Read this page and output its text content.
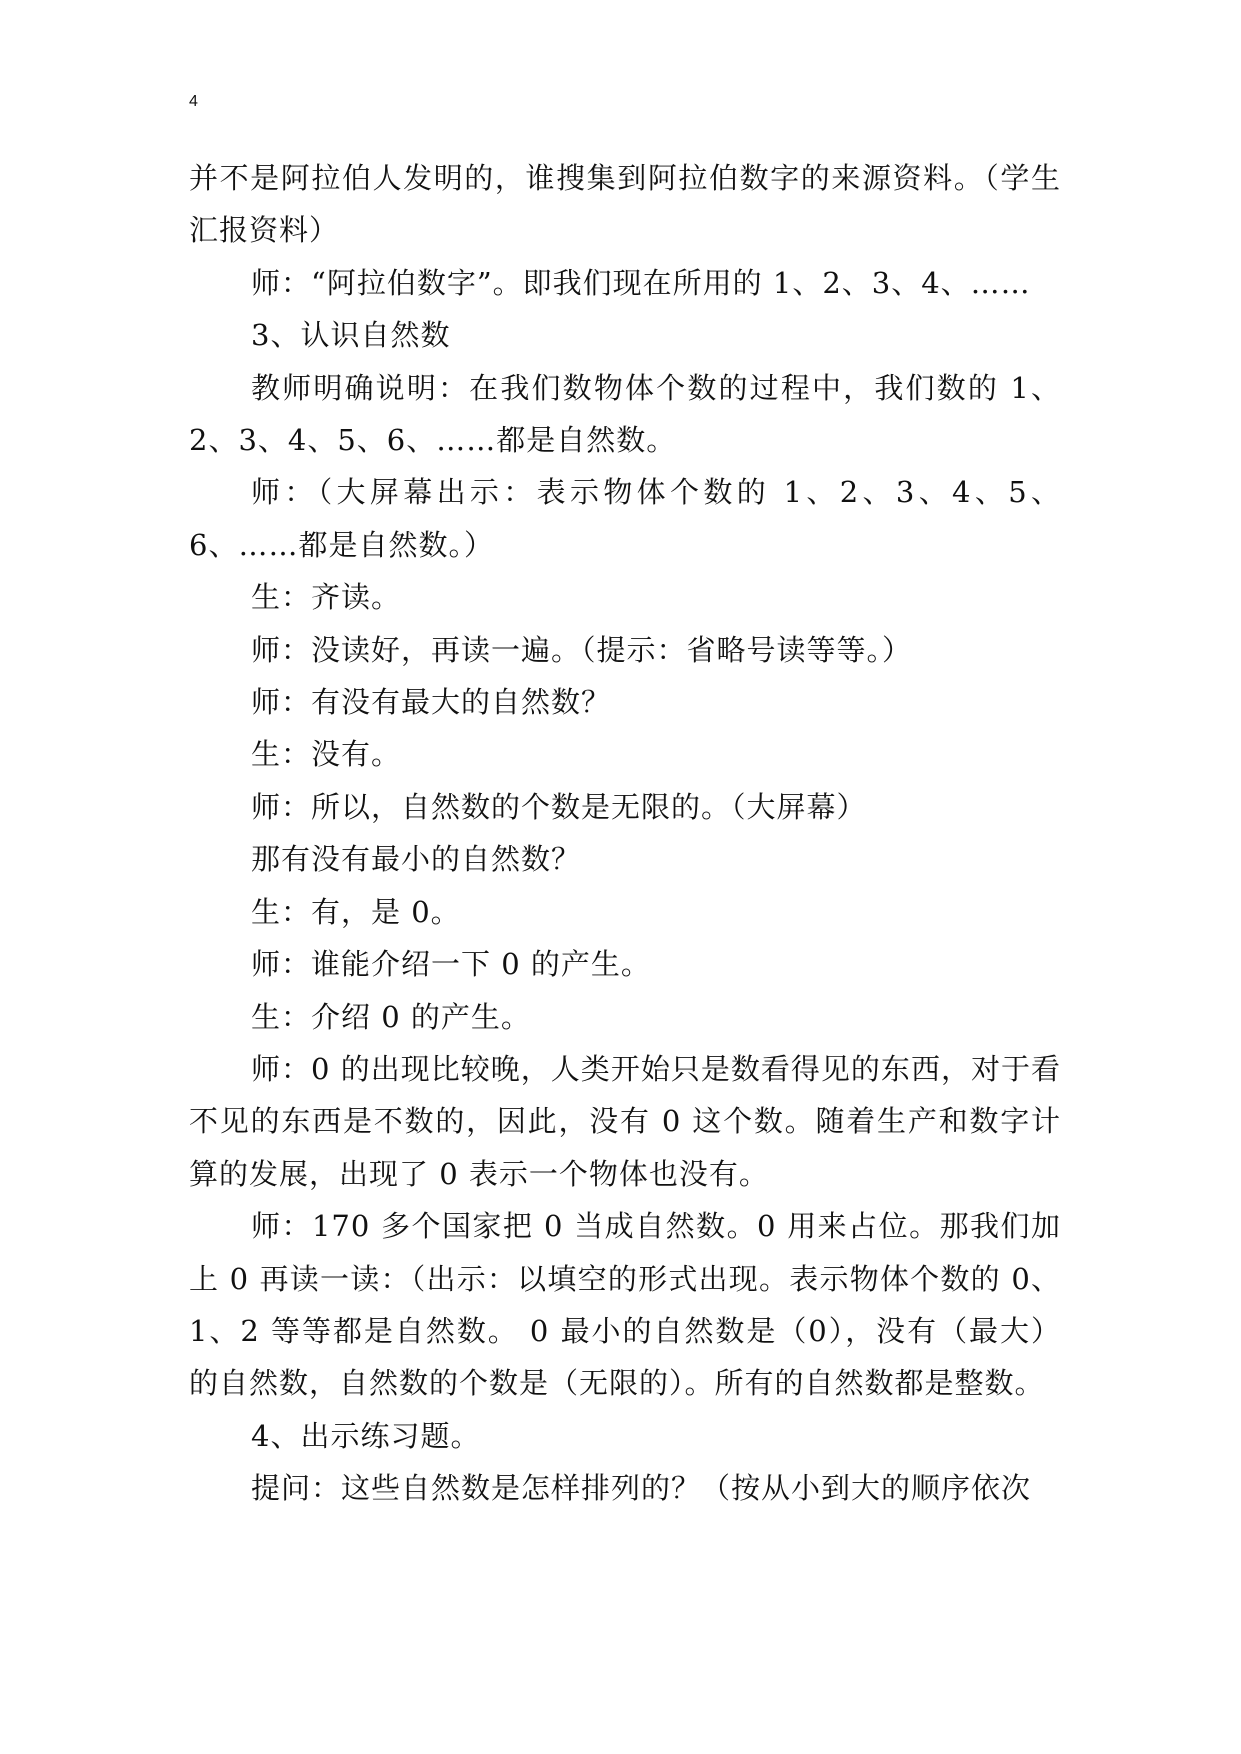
4

并不是阿拉伯人发明的，谁搜集到阿拉伯数字的来源资料。（学生汇报资料）

师：“阿拉伯数字”。即我们现在所用的 1、2、3、4、……

3、认识自然数

教师明确说明：在我们数物体个数的过程中，我们数的 1、2、3、4、5、6、……都是自然数。

师：（大屏幕出示：表示物体个数的 1、2、3、4、5、6、……都是自然数。）

生：齐读。

师：没读好，再读一遍。（提示：省略号读等等。）

师：有没有最大的自然数？

生：没有。

师：所以，自然数的个数是无限的。（大屏幕）

那有没有最小的自然数？

生：有，是 0。

师：谁能介绍一下 0 的产生。

生：介绍 0 的产生。

师：0 的出现比较晚，人类开始只是数看得见的东西，对于看不见的东西是不数的，因此，没有 0 这个数。随着生产和数字计算的发展，出现了 0 表示一个物体也没有。

师：170 多个国家把 0 当成自然数。0 用来占位。那我们加上 0 再读一读：（出示：以填空的形式出现。表示物体个数的 0、1、2 等等都是自然数。 0 最小的自然数是（0），没有（最大）的自然数，自然数的个数是（无限的）。所有的自然数都是整数。

4、出示练习题。

提问：这些自然数是怎样排列的？（按从小到大的顺序依次
